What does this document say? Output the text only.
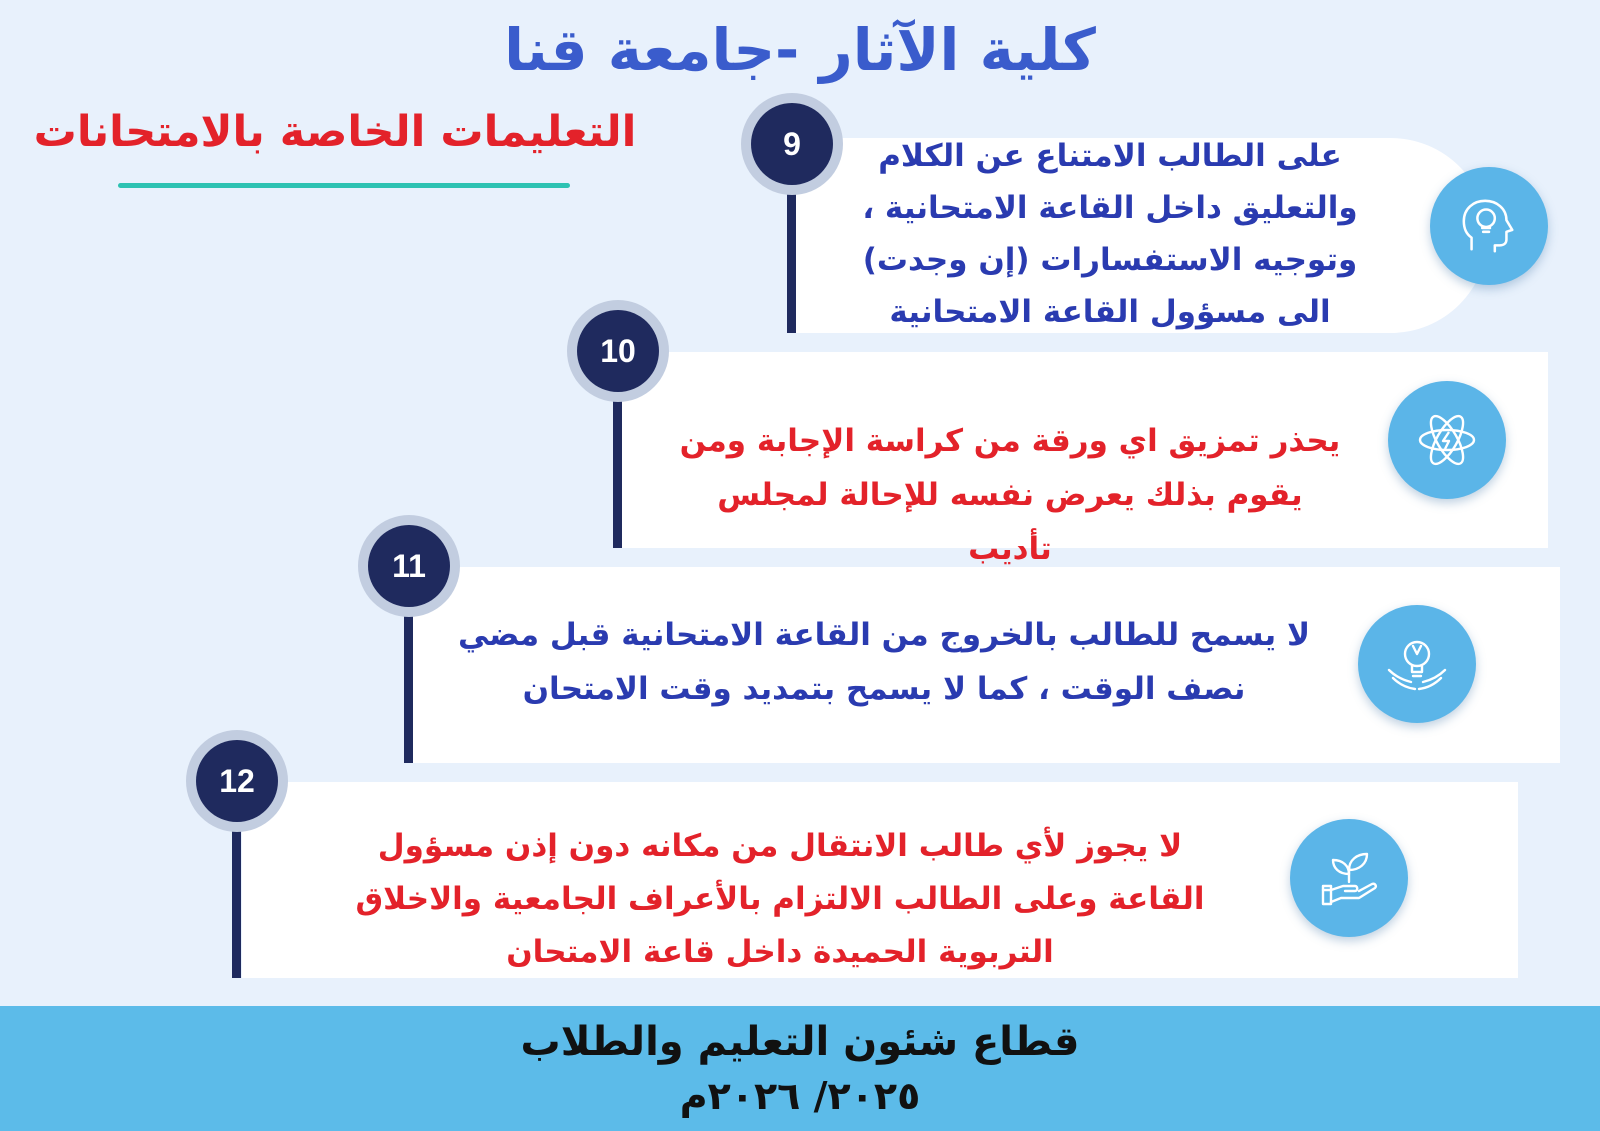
كلية الآثار -جامعة قنا
التعليمات الخاصة بالامتحانات	على الطالب الامتناع عن الكلام
والتعليق داخل القاعة الامتحانية ،
وتوجيه الاستفسارات (إن وجدت)
الى مسؤول القاعة الامتحانية
9
يحذر تمزيق اي ورقة من كراسة الإجابة ومن
يقوم بذلك يعرض نفسه للإحالة لمجلس
تأديب
10
لا يسمح للطالب بالخروج من القاعة الامتحانية قبل مضي
نصف الوقت ، كما لا يسمح بتمديد وقت الامتحان
11
لا يجوز لأي طالب الانتقال من مكانه دون إذن مسؤول
القاعة وعلى الطالب الالتزام بالأعراف الجامعية والاخلاق
التربوية الحميدة داخل قاعة الامتحان
12
قطاع شئون التعليم والطلاب
٢٠٢٥/ ٢٠٢٦م
